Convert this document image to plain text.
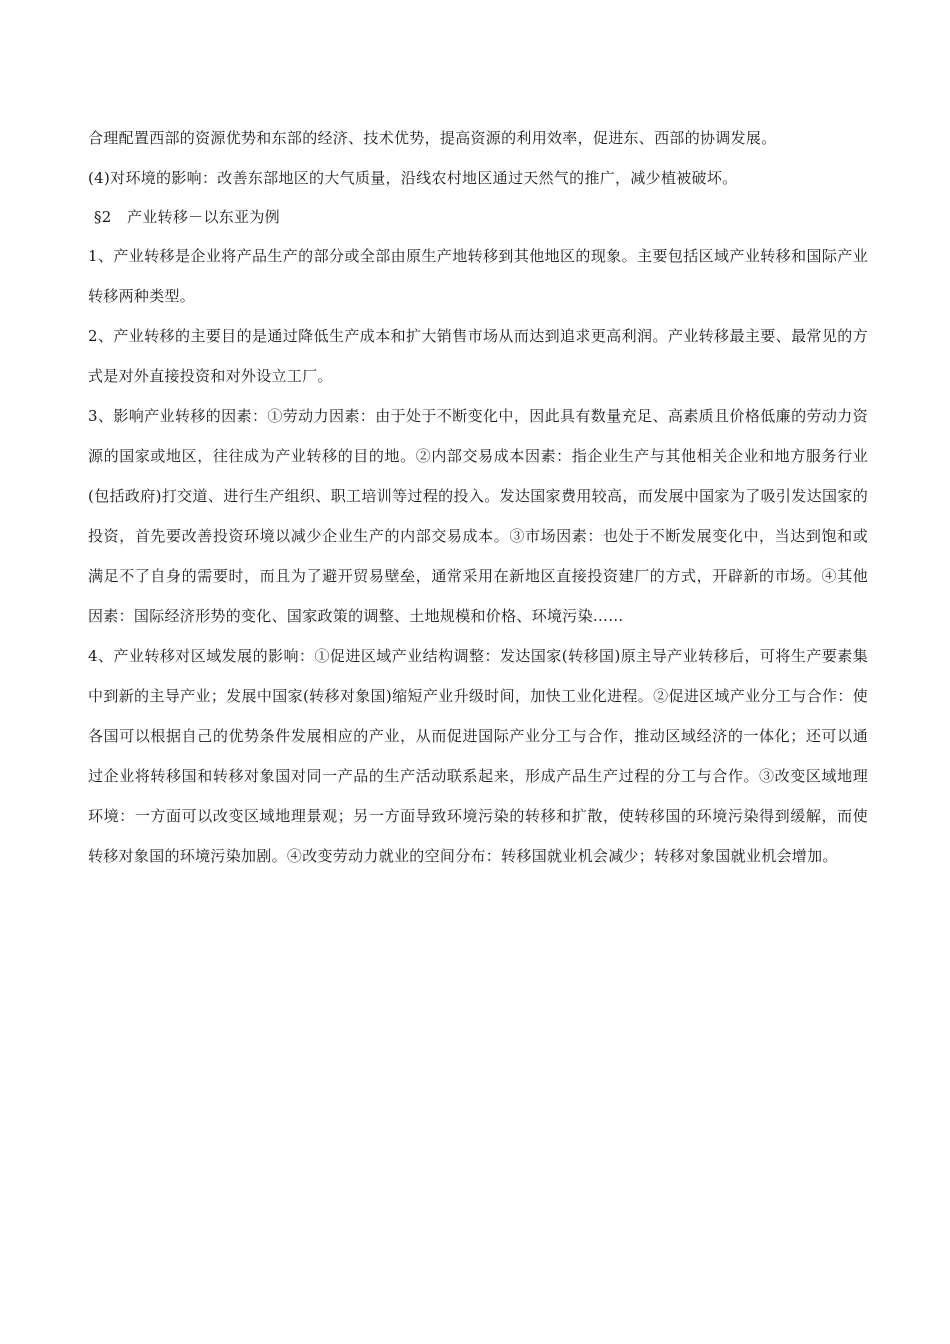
合理配置西部的资源优势和东部的经济、技术优势，提高资源的利用效率，促进东、西部的协调发展。

(4)对环境的影响：改善东部地区的大气质量，沿线农村地区通过天然气的推广，减少植被破坏。

§2　产业转移－以东亚为例

1、产业转移是企业将产品生产的部分或全部由原生产地转移到其他地区的现象。主要包括区域产业转移和国际产业转移两种类型。

2、产业转移的主要目的是通过降低生产成本和扩大销售市场从而达到追求更高利润。产业转移最主要、最常见的方式是对外直接投资和对外设立工厂。

3、影响产业转移的因素：①劳动力因素：由于处于不断变化中，因此具有数量充足、高素质且价格低廉的劳动力资源的国家或地区，往往成为产业转移的目的地。②内部交易成本因素：指企业生产与其他相关企业和地方服务行业(包括政府)打交道、进行生产组织、职工培训等过程的投入。发达国家费用较高，而发展中国家为了吸引发达国家的投资，首先要改善投资环境以减少企业生产的内部交易成本。③市场因素：也处于不断发展变化中，当达到饱和或满足不了自身的需要时，而且为了避开贸易壁垒，通常采用在新地区直接投资建厂的方式，开辟新的市场。④其他因素：国际经济形势的变化、国家政策的调整、土地规模和价格、环境污染……

4、产业转移对区域发展的影响：①促进区域产业结构调整：发达国家(转移国)原主导产业转移后，可将生产要素集中到新的主导产业；发展中国家(转移对象国)缩短产业升级时间，加快工业化进程。②促进区域产业分工与合作：使各国可以根据自己的优势条件发展相应的产业，从而促进国际产业分工与合作，推动区域经济的一体化；还可以通过企业将转移国和转移对象国对同一产品的生产活动联系起来，形成产品生产过程的分工与合作。③改变区域地理环境：一方面可以改变区域地理景观；另一方面导致环境污染的转移和扩散，使转移国的环境污染得到缓解，而使转移对象国的环境污染加剧。④改变劳动力就业的空间分布：转移国就业机会减少；转移对象国就业机会增加。
